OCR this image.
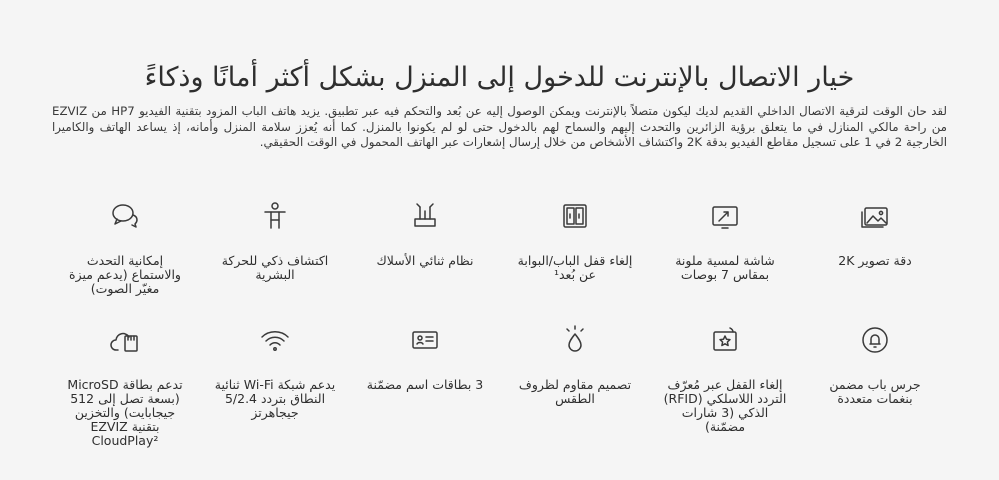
خيار الاتصال بالإنترنت للدخول إلى المنزل بشكل أكثر أمانًا وذكاءً

لقد حان الوقت لترقية الاتصال الداخلي القديم لديك ليكون متصلاً بالإنترنت ويمكن الوصول إليه عن بُعد والتحكم فيه عبر تطبيق. يزيد هاتف الباب المزود بتقنية الفيديو HP7 من EZVIZ من راحة مالكي المنازل في ما يتعلق برؤية الزائرين والتحدث إليهم والسماح لهم بالدخول حتى لو لم يكونوا بالمنزل. كما أنه يُعزز سلامة المنزل وأمانه، إذ يساعد الهاتف والكاميرا الخارجية 2 في 1 على تسجيل مقاطع الفيديو بدقة 2K واكتشاف الأشخاص من خلال إرسال إشعارات عبر الهاتف المحمول في الوقت الحقيقي.

دقة تصوير 2K
شاشة لمسية ملونة بمقاس 7 بوصات
إلغاء قفل الباب/البوابة عن بُعد¹
نظام ثنائي الأسلاك
اكتشاف ذكي للحركة البشرية
إمكانية التحدث والاستماع (يدعم ميزة مغيّر الصوت)
جرس باب مضمن بنغمات متعددة
إلغاء القفل عبر مُعرّف التردد اللاسلكي (RFID) الذكي (3 شارات مضمّنة)
تصميم مقاوم لظروف الطقس
3 بطاقات اسم مضمّنة
يدعم شبكة Wi-Fi ثنائية النطاق بتردد 5/2.4 جيجاهرتز
تدعم بطاقة MicroSD (بسعة تصل إلى 512 جيجابايت) والتخزين بتقنية EZVIZ CloudPlay²
